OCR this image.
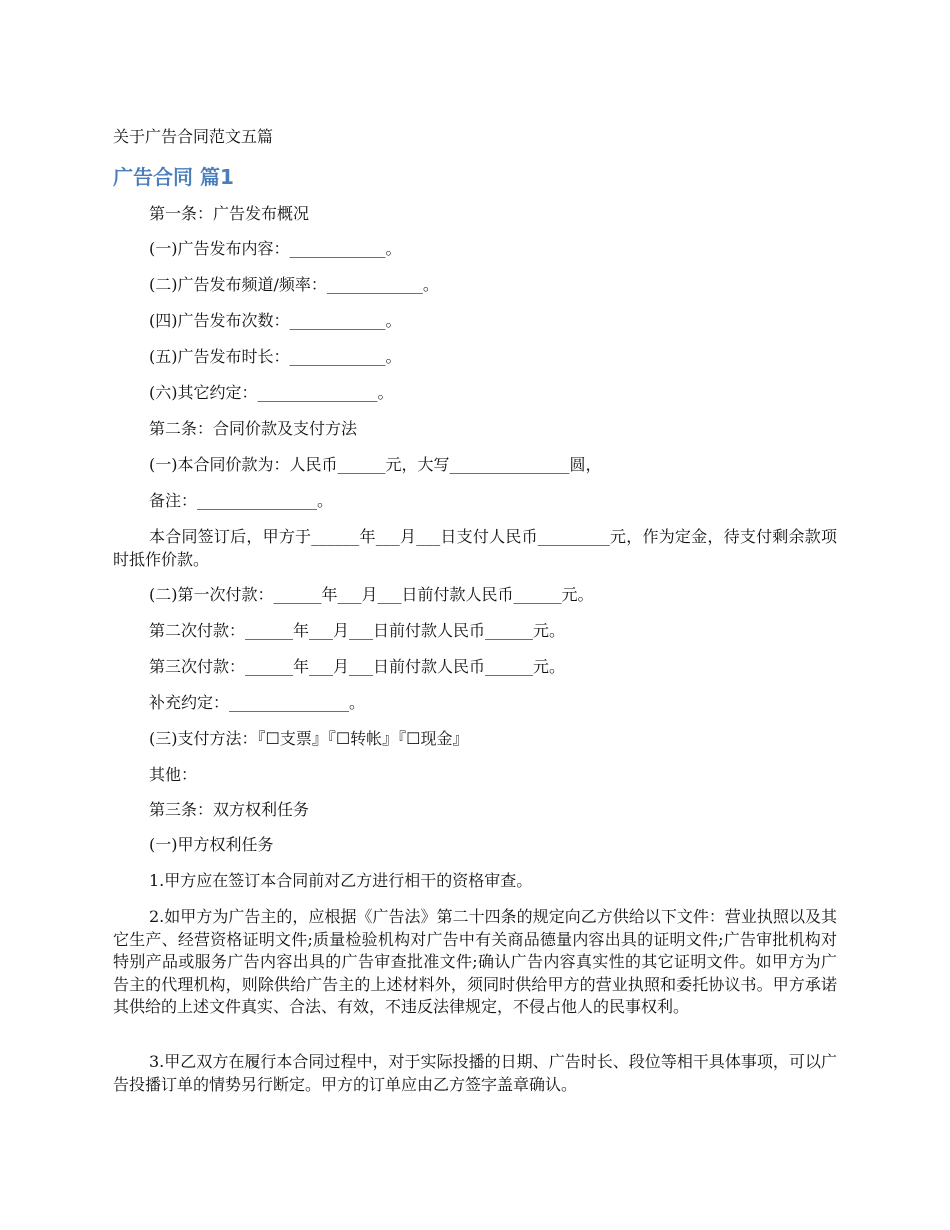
关于广告合同范文五篇
广告合同 篇1
第一条：广告发布概况
(一)广告发布内容：____________。
(二)广告发布频道/频率：____________。
(四)广告发布次数：____________。
(五)广告发布时长：____________。
(六)其它约定：_______________。
第二条：合同价款及支付方法
(一)本合同价款为：人民币______元，大写_______________圆，
备注：_______________。
本合同签订后，甲方于______年___月___日支付人民币_________元，作为定金，待支付剩余款项时抵作价款。
(二)第一次付款：______年___月___日前付款人民币______元。
第二次付款：______年___月___日前付款人民币______元。
第三次付款：______年___月___日前付款人民币______元。
补充约定：_______________。
(三)支付方法：『☐支票』『☐转帐』『☐现金』
其他：
第三条：双方权利任务
(一)甲方权利任务
1.甲方应在签订本合同前对乙方进行相干的资格审查。
2.如甲方为广告主的，应根据《广告法》第二十四条的规定向乙方供给以下文件：营业执照以及其它生产、经营资格证明文件;质量检验机构对广告中有关商品德量内容出具的证明文件;广告审批机构对特别产品或服务广告内容出具的广告审查批准文件;确认广告内容真实性的其它证明文件。如甲方为广告主的代理机构，则除供给广告主的上述材料外，须同时供给甲方的营业执照和委托协议书。甲方承诺其供给的上述文件真实、合法、有效，不违反法律规定，不侵占他人的民事权利。
3.甲乙双方在履行本合同过程中，对于实际投播的日期、广告时长、段位等相干具体事项，可以广告投播订单的情势另行断定。甲方的订单应由乙方签字盖章确认。
